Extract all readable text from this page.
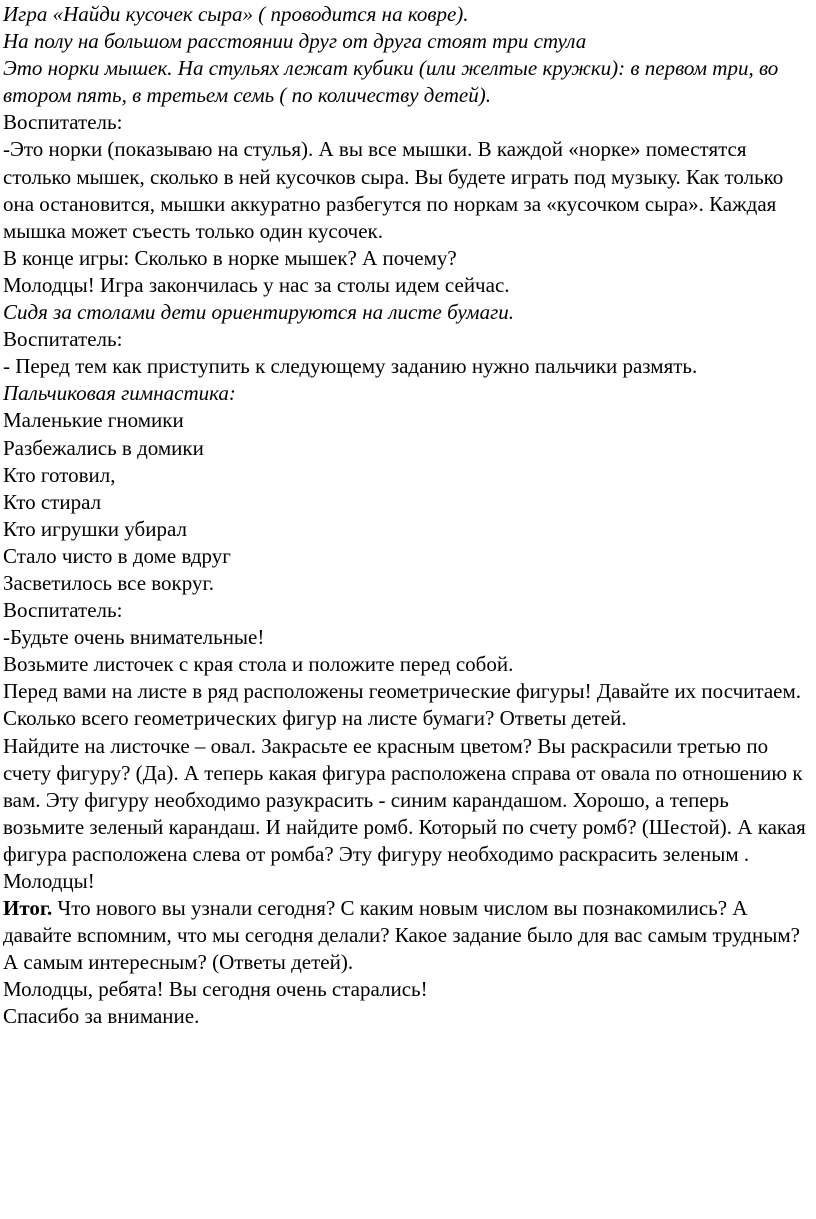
Игра «Найди кусочек сыра» ( проводится на ковре).

На полу на большом расстоянии друг от друга стоят три стула

Это норки мышек. На стульях лежат кубики (или желтые кружки): в первом три, во втором пять, в третьем семь ( по количеству детей).

Воспитатель:

-Это норки (показываю на стулья). А вы все мышки. В каждой «норке» поместятся столько мышек, сколько в ней кусочков сыра. Вы будете играть под музыку. Как только она остановится, мышки аккуратно разбегутся по норкам за «кусочком сыра». Каждая мышка может съесть только один кусочек.

В конце игры: Сколько в норке мышек? А почему?

Молодцы! Игра закончилась у нас за столы идем сейчас.

Сидя за столами дети ориентируются на листе бумаги.

Воспитатель:

- Перед тем как приступить к следующему заданию нужно пальчики размять.

Пальчиковая гимнастика:

Маленькие гномики

Разбежались в домики

Кто готовил,

Кто стирал

Кто игрушки убирал

Стало чисто в доме вдруг

Засветилось все вокруг.

Воспитатель:

-Будьте очень внимательные!

Возьмите листочек с края стола и положите перед собой.

Перед вами на листе в ряд расположены геометрические фигуры! Давайте их посчитаем. Сколько всего геометрических фигур на листе бумаги? Ответы детей.

Найдите на листочке – овал. Закрасьте ее красным цветом? Вы раскрасили третью по счету фигуру? (Да). А теперь какая фигура расположена справа от овала по отношению к вам. Эту фигуру необходимо разукрасить - синим карандашом. Хорошо, а теперь возьмите зеленый карандаш. И найдите ромб. Который по счету ромб? (Шестой). А какая фигура расположена слева от ромба? Эту фигуру необходимо раскрасить зеленым .

Молодцы!

Итог. Что нового вы узнали сегодня? С каким новым числом вы познакомились? А давайте вспомним, что мы сегодня делали? Какое задание было для вас самым трудным? А самым интересным? (Ответы детей).

Молодцы, ребята! Вы сегодня очень старались!

Спасибо за внимание.
